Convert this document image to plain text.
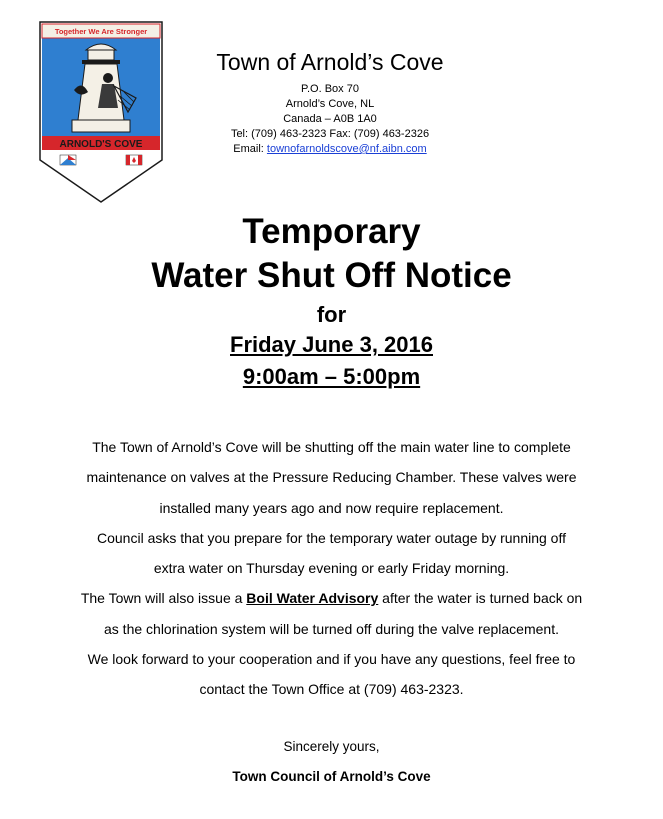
Together We Are Stronger
ARNOLD'S COVE
Town of Arnold’s Cove
P.O. Box 70
Arnold’s Cove, NL
Canada – A0B 1A0
Tel: (709) 463-2323 Fax: (709) 463-2326
Email: townofarnoldscove@nf.aibn.com
Temporary
Water Shut Off Notice
for
Friday June 3, 2016
9:00am – 5:00pm
The Town of Arnold’s Cove will be shutting off the main water line to complete
maintenance on valves at the Pressure Reducing Chamber. These valves were
installed many years ago and now require replacement.
Council asks that you prepare for the temporary water outage by running off
extra water on Thursday evening or early Friday morning.
The Town will also issue a Boil Water Advisory after the water is turned back on
as the chlorination system will be turned off during the valve replacement.
We look forward to your cooperation and if you have any questions, feel free to
contact the Town Office at (709) 463-2323.
Sincerely yours,
Town Council of Arnold’s Cove
